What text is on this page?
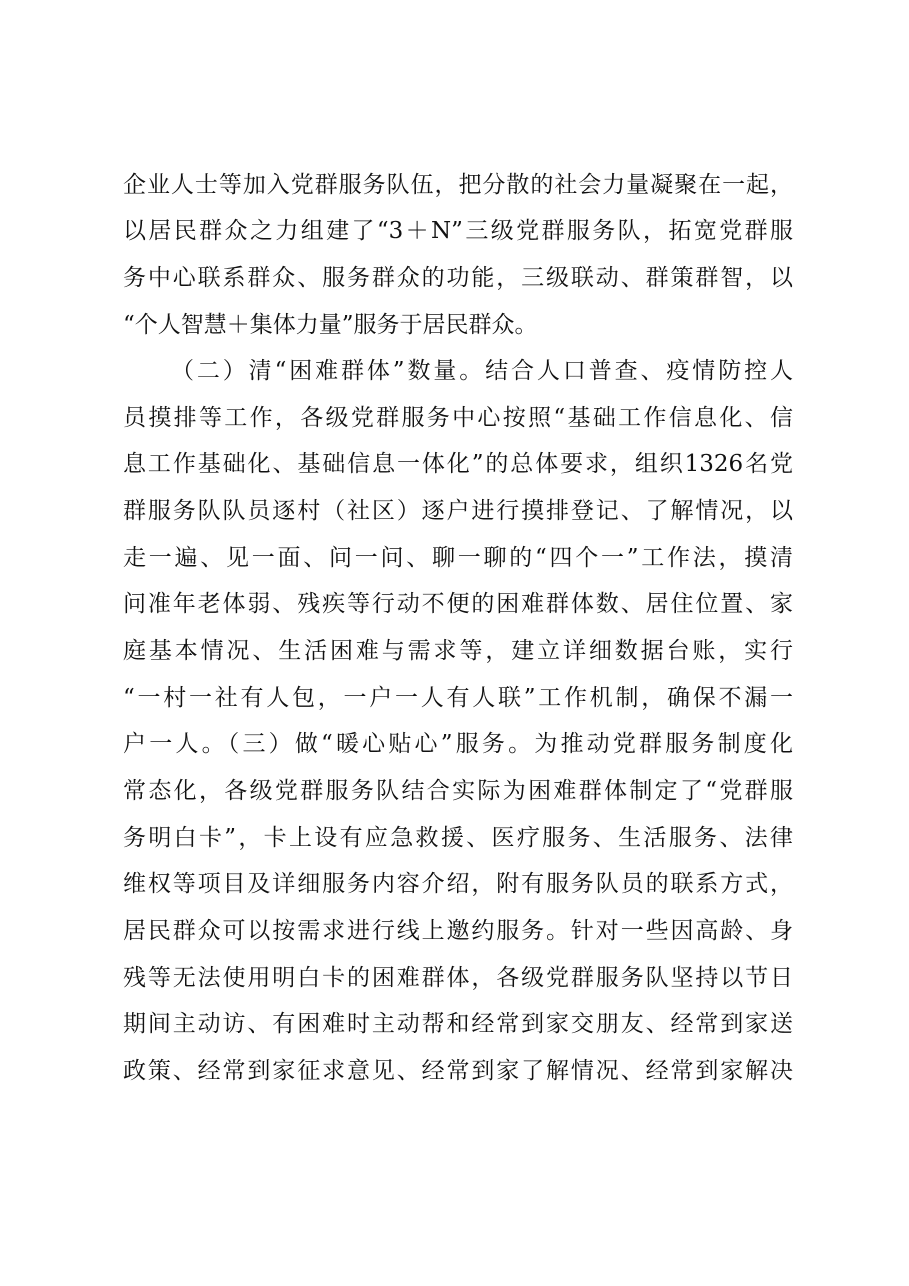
企业人士等加入党群服务队伍，把分散的社会力量凝聚在一起，
以居民群众之力组建了“3＋N”三级党群服务队，拓宽党群服
务中心联系群众、服务群众的功能，三级联动、群策群智，以
“个人智慧＋集体力量”服务于居民群众。
（二）清“困难群体”数量。结合人口普查、疫情防控人
员摸排等工作，各级党群服务中心按照“基础工作信息化、信
息工作基础化、基础信息一体化”的总体要求，组织1326名党
群服务队队员逐村（社区）逐户进行摸排登记、了解情况，以
走一遍、见一面、问一问、聊一聊的“四个一”工作法，摸清
问准年老体弱、残疾等行动不便的困难群体数、居住位置、家
庭基本情况、生活困难与需求等，建立详细数据台账，实行
“一村一社有人包，一户一人有人联”工作机制，确保不漏一
户一人。（三）做“暖心贴心”服务。为推动党群服务制度化
常态化，各级党群服务队结合实际为困难群体制定了“党群服
务明白卡”，卡上设有应急救援、医疗服务、生活服务、法律
维权等项目及详细服务内容介绍，附有服务队员的联系方式，
居民群众可以按需求进行线上邀约服务。针对一些因高龄、身
残等无法使用明白卡的困难群体，各级党群服务队坚持以节日
期间主动访、有困难时主动帮和经常到家交朋友、经常到家送
政策、经常到家征求意见、经常到家了解情况、经常到家解决
